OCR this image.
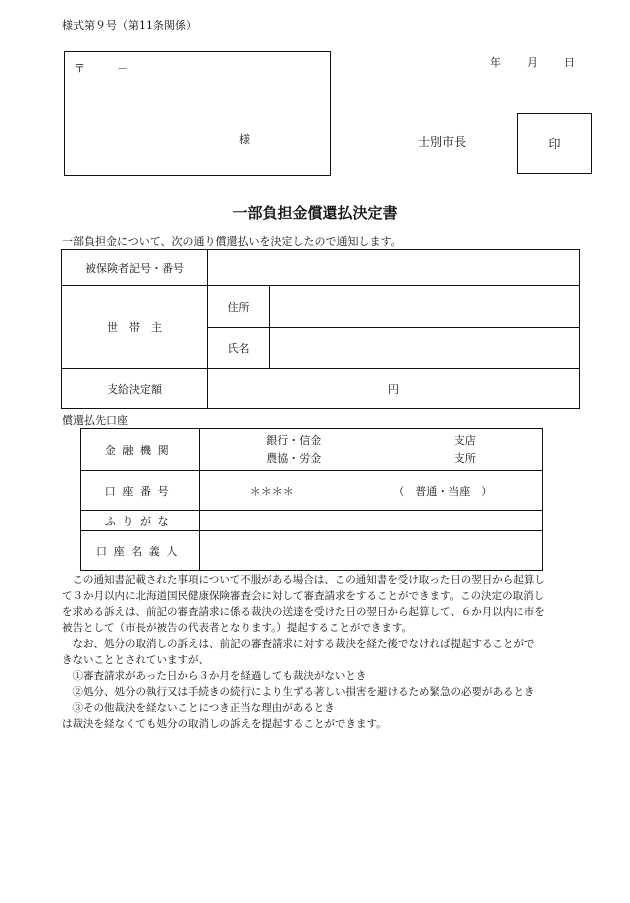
様式第９号（第11条関係）
年 月 日
〒	－
様	士別市長	印
一部負担金償還払決定書
一部負担金について、次の通り償還払いを決定したので通知します。
被保険者記号・番号		
世　帯　主	住所	
	氏名	
支給決定額	円	
償還払先口座
金融機関	銀行・信金 支店
農協・労金 支所

口座番号	＊＊＊＊ （　普通・当座　）

ふりがな	
口座名義人	

　この通知書記載された事項について不服がある場合は、この通知書を受け取った日の翌日から起算し

て３か月以内に北海道国民健康保険審査会に対して審査請求をすることができます。この決定の取消し

を求める訴えは、前記の審査請求に係る裁決の送達を受けた日の翌日から起算して、６か月以内に市を

被告として（市長が被告の代表者となります。）提起することができます。

　なお、処分の取消しの訴えは、前記の審査請求に対する裁決を経た後でなければ提起することがで

きないこととされていますが、

　①審査請求があった日から３か月を経過しても裁決がないとき

　②処分、処分の執行又は手続きの続行により生ずる著しい損害を避けるため緊急の必要があるとき

　③その他裁決を経ないことにつき正当な理由があるとき

は裁決を経なくても処分の取消しの訴えを提起することができます。
